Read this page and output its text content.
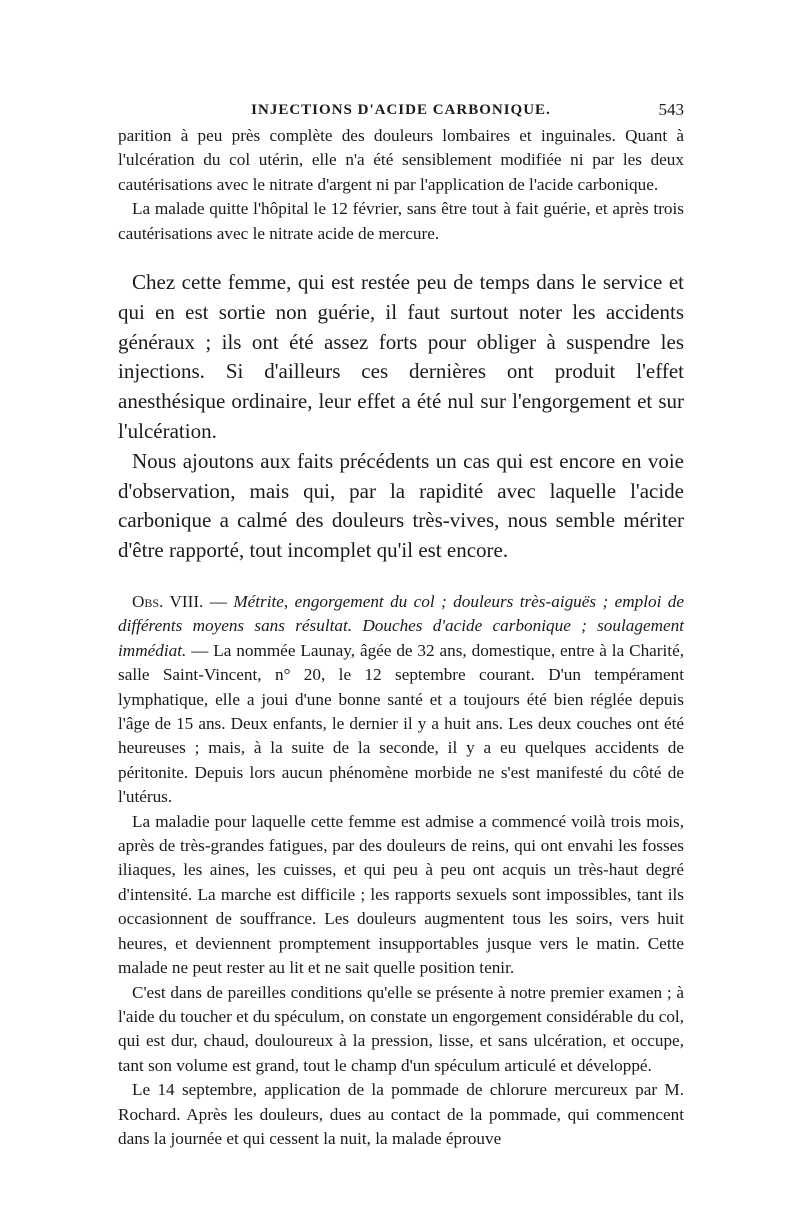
INJECTIONS D'ACIDE CARBONIQUE.	543

parition à peu près complète des douleurs lombaires et inguinales. Quant à l'ulcération du col utérin, elle n'a été sensiblement modifiée ni par les deux cautérisations avec le nitrate d'argent ni par l'application de l'acide carbonique.

La malade quitte l'hôpital le 12 février, sans être tout à fait guérie, et après trois cautérisations avec le nitrate acide de mercure.

Chez cette femme, qui est restée peu de temps dans le service et qui en est sortie non guérie, il faut surtout noter les accidents généraux ; ils ont été assez forts pour obliger à suspendre les injections. Si d'ailleurs ces dernières ont produit l'effet anesthésique ordinaire, leur effet a été nul sur l'engorgement et sur l'ulcération.

Nous ajoutons aux faits précédents un cas qui est encore en voie d'observation, mais qui, par la rapidité avec laquelle l'acide carbonique a calmé des douleurs très-vives, nous semble mériter d'être rapporté, tout incomplet qu'il est encore.

Obs. VIII. — Métrite, engorgement du col ; douleurs très-aiguës ; emploi de différents moyens sans résultat. Douches d'acide carbonique ; soulagement immédiat. — La nommée Launay, âgée de 32 ans, domestique, entre à la Charité, salle Saint-Vincent, n° 20, le 12 septembre courant. D'un tempérament lymphatique, elle a joui d'une bonne santé et a toujours été bien réglée depuis l'âge de 15 ans. Deux enfants, le dernier il y a huit ans. Les deux couches ont été heureuses ; mais, à la suite de la seconde, il y a eu quelques accidents de péritonite. Depuis lors aucun phénomène morbide ne s'est manifesté du côté de l'utérus.

La maladie pour laquelle cette femme est admise a commencé voilà trois mois, après de très-grandes fatigues, par des douleurs de reins, qui ont envahi les fosses iliaques, les aines, les cuisses, et qui peu à peu ont acquis un très-haut degré d'intensité. La marche est difficile ; les rapports sexuels sont impossibles, tant ils occasionnent de souffrance. Les douleurs augmentent tous les soirs, vers huit heures, et deviennent promptement insupportables jusque vers le matin. Cette malade ne peut rester au lit et ne sait quelle position tenir.

C'est dans de pareilles conditions qu'elle se présente à notre premier examen ; à l'aide du toucher et du spéculum, on constate un engorgement considérable du col, qui est dur, chaud, douloureux à la pression, lisse, et sans ulcération, et occupe, tant son volume est grand, tout le champ d'un spéculum articulé et développé.

Le 14 septembre, application de la pommade de chlorure mercureux par M. Rochard. Après les douleurs, dues au contact de la pommade, qui commencent dans la journée et qui cessent la nuit, la malade éprouve
